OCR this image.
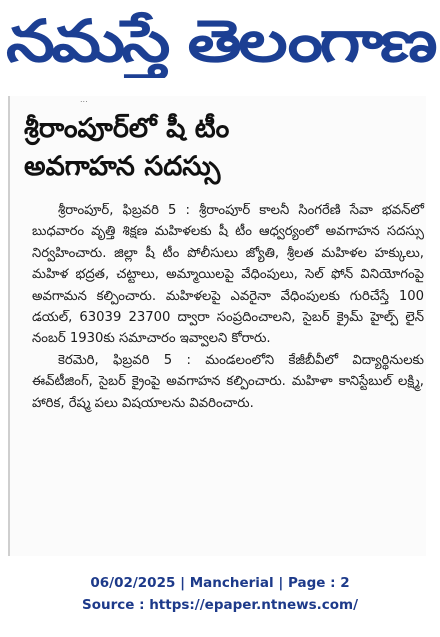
నమస్తే తెలంగాణ
...
శ్రీరాంపూర్‌లో షీ టీం
అవగాహన సదస్సు

శ్రీరాంపూర్, ఫిబ్రవరి 5 : శ్రీరాంపూర్ కాలనీ సింగరేణి సేవా భవన్‌లో బుధవారం వృత్తి శిక్షణ మహిళలకు షీ టీం ఆధ్వర్యంలో అవగాహన సదస్సు నిర్వహించారు. జిల్లా షీ టీం పోలీసులు జ్యోతి, శ్రీలత మహిళల హక్కులు, మహిళ భద్రత, చట్టాలు, అమ్మాయిలపై వేధింపులు, సెల్ ఫోన్ వినియోగంపై అవగామన కల్పించారు. మహిళలపై ఎవరైనా వేధింపులకు గురిచేస్తే 100 డయల్, 63039 23700 ద్వారా సంప్రదించాలని, సైబర్ క్రైమ్ హైల్ప్ లైన్ నంబర్ 1930కు సమాచారం ఇవ్వాలని కోరారు.

కెరమెరి, ఫిబ్రవరి 5 : మండలంలోని కేజీబీవీలో విద్యార్థినులకు ఈవ్‌టీజింగ్, సైబర్ క్రైంపై అవగాహన కల్పించారు. మహిళా కానిస్టేబుల్ లక్ష్మి, హారిక, రేష్మ పలు విషయాలను వివరించారు.

06/02/2025 | Mancherial | Page : 2
Source : https://epaper.ntnews.com/
